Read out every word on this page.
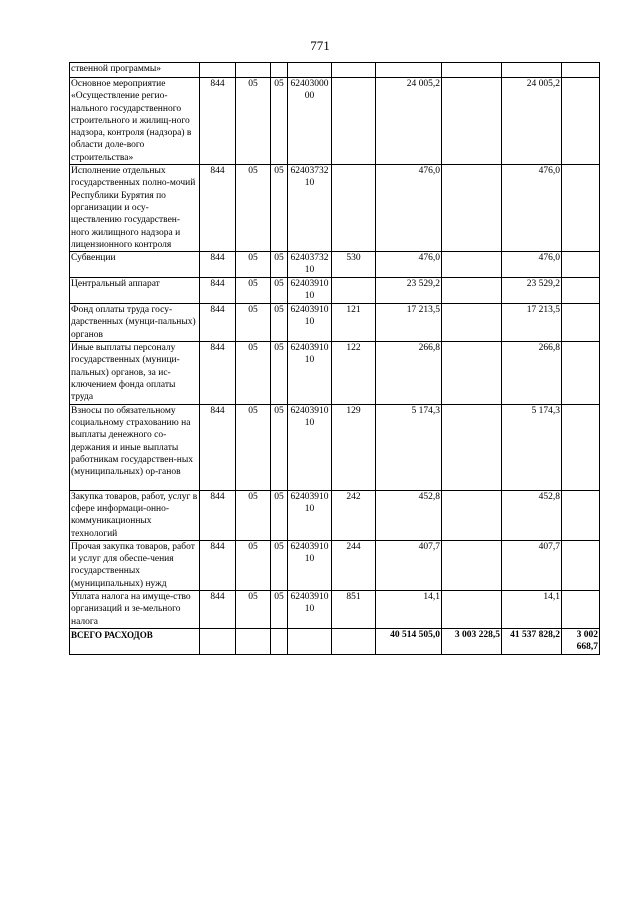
771
ственной программы»									
Основное мероприятие «Осуществление регио-нального государственного строительного и жилищ-ного надзора, контроля (надзора) в области доле-вого строительства»	844	05	05	62403000 00		24 005,2		24 005,2	
Исполнение отдельных государственных полно-мочий Республики Бурятия по организации и осу-ществлению государствен-ного жилищного надзора и лицензионного контроля	844	05	05	62403732 10		476,0		476,0	
Субвенции	844	05	05	62403732 10	530	476,0		476,0	
Центральный аппарат	844	05	05	62403910 10		23 529,2		23 529,2	
Фонд оплаты труда госу-дарственных (мунци-пальных) органов	844	05	05	62403910 10	121	17 213,5		17 213,5	
Иные выплаты персоналу государственных (муници-пальных) органов, за ис-ключением фонда оплаты труда	844	05	05	62403910 10	122	266,8		266,8	
Взносы по обязательному социальному страхованию на выплаты денежного со-держания и иные выплаты работникам государствен-ных (муниципальных) ор-ганов	844	05	05	62403910 10	129	5 174,3		5 174,3	
Закупка товаров, работ, услуг в сфере информаци-онно-коммуникационных технологий	844	05	05	62403910 10	242	452,8		452,8	
Прочая закупка товаров, работ и услуг для обеспе-чения государственных (муниципальных) нужд	844	05	05	62403910 10	244	407,7		407,7	
Уплата налога на имуще-ство организаций и зе-мельного налога	844	05	05	62403910 10	851	14,1		14,1	
ВСЕГО РАСХОДОВ						40 514 505,0	3 003 228,5	41 537 828,2	3 002 668,7
